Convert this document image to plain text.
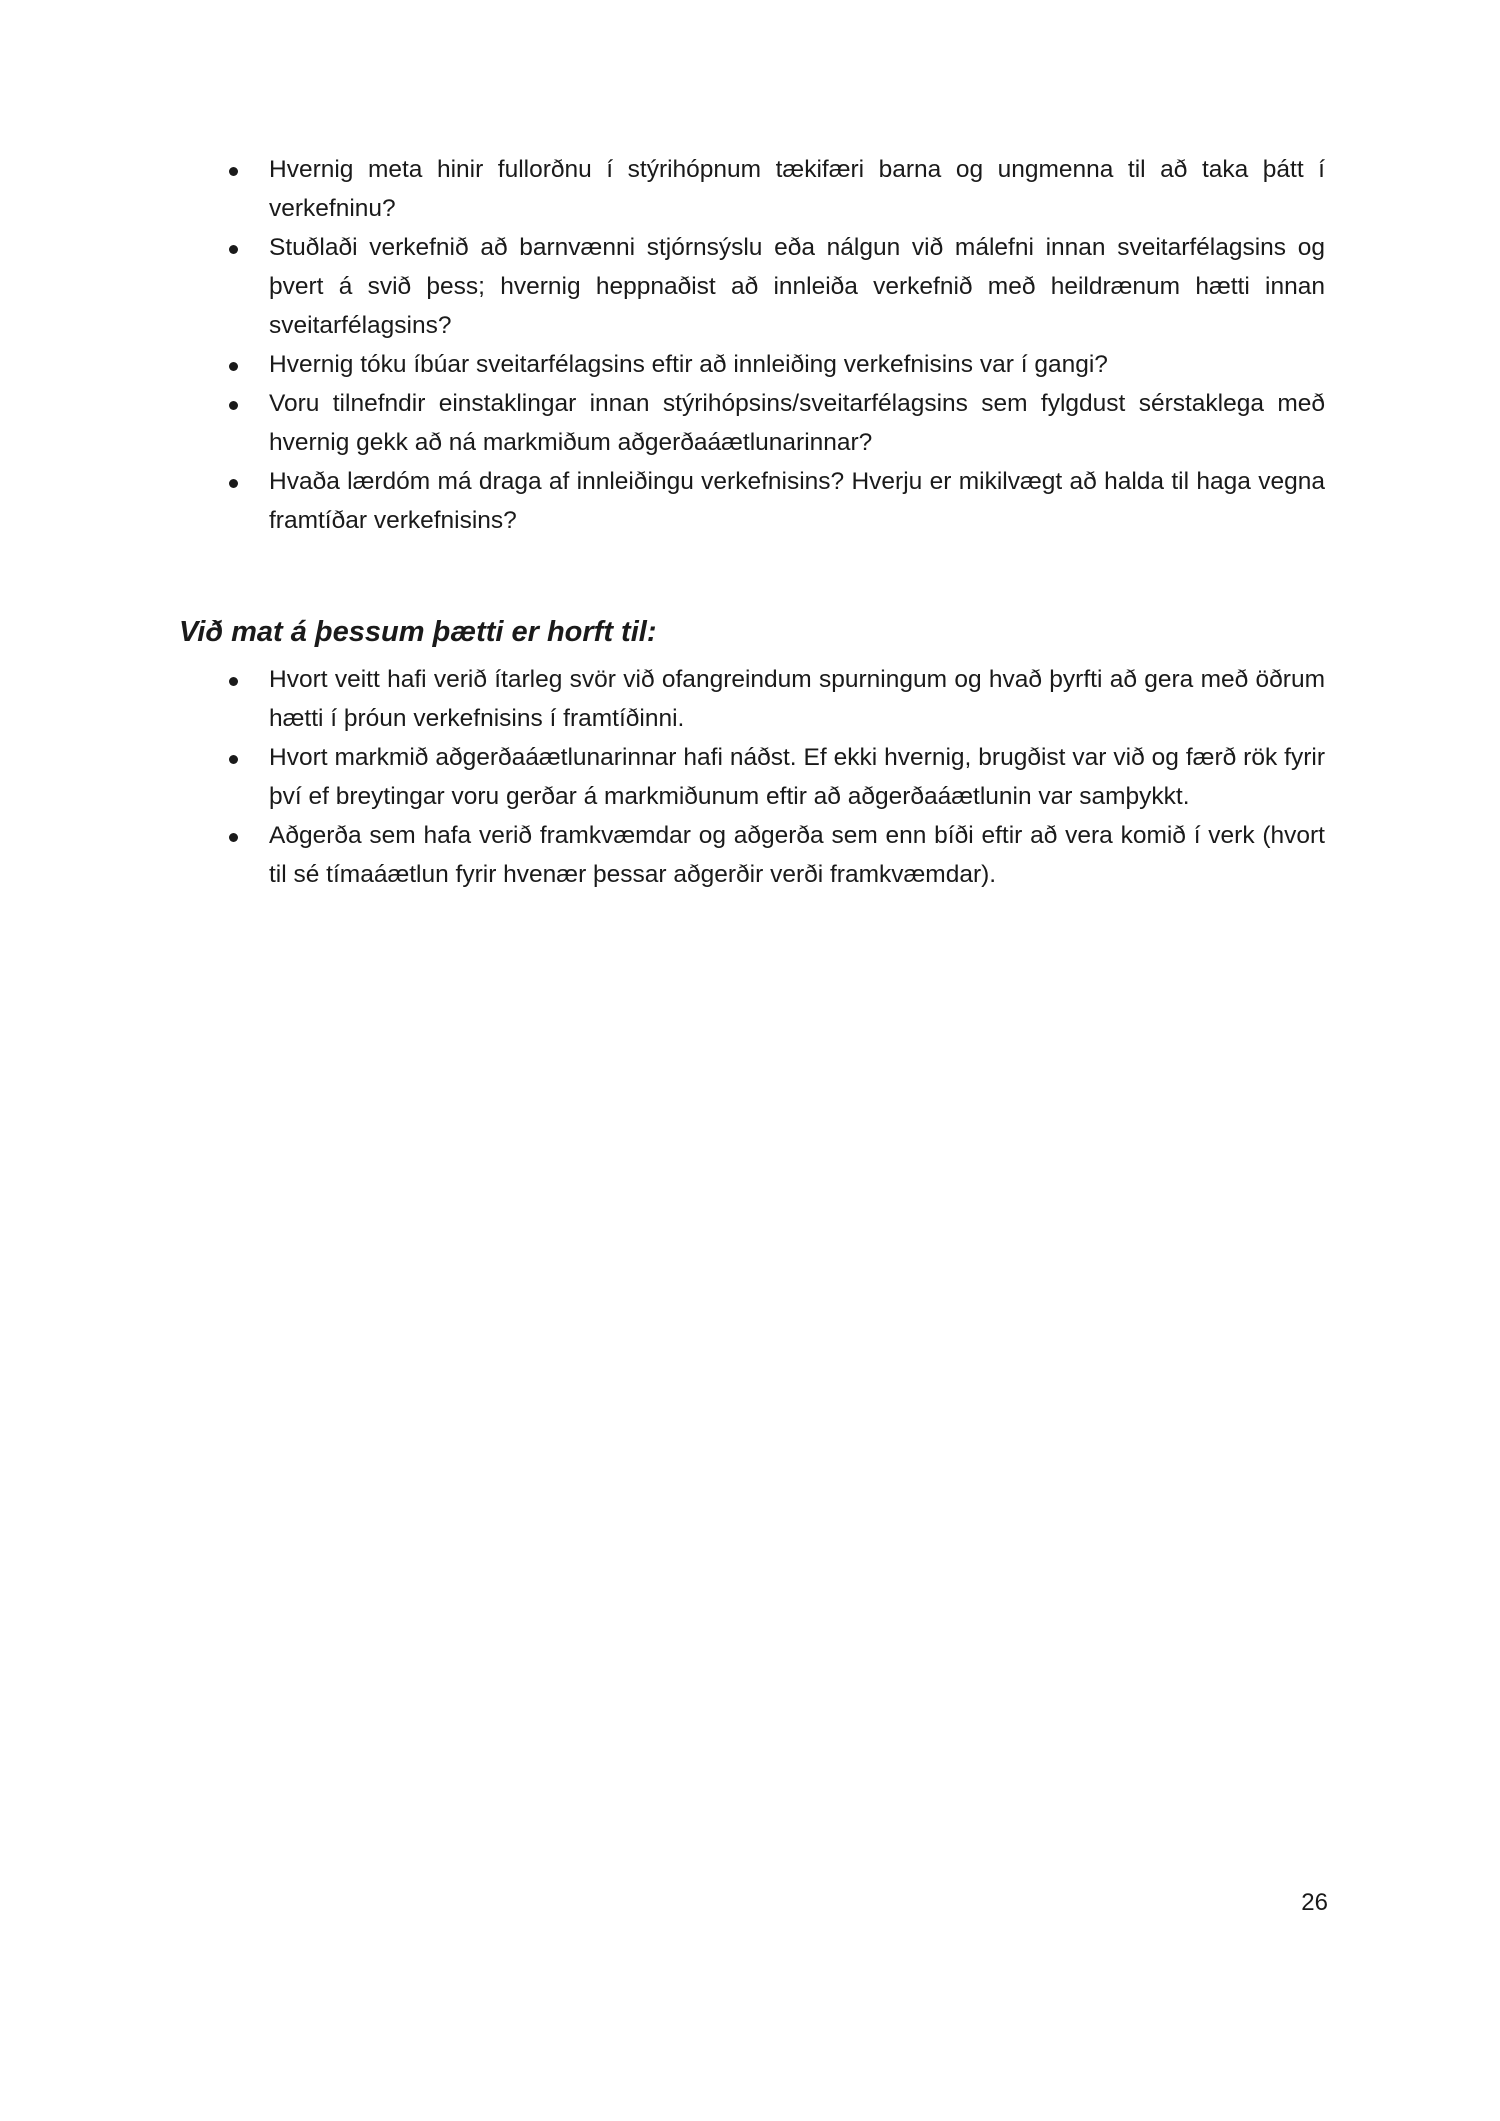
Hvernig meta hinir fullorðnu í stýrihópnum tækifæri barna og ungmenna til að taka þátt í verkefninu?
Stuðlaði verkefnið að barnvænni stjórnsýslu eða nálgun við málefni innan sveitarfélagsins og þvert á svið þess; hvernig heppnaðist að innleiða verkefnið með heildrænum hætti innan sveitarfélagsins?
Hvernig tóku íbúar sveitarfélagsins eftir að innleiðing verkefnisins var í gangi?
Voru tilnefndir einstaklingar innan stýrihópsins/sveitarfélagsins sem fylgdust sérstaklega með hvernig gekk að ná markmiðum aðgerðaáætlunarinnar?
Hvaða lærdóm má draga af innleiðingu verkefnisins? Hverju er mikilvægt að halda til haga vegna framtíðar verkefnisins?
Við mat á þessum þætti er horft til:
Hvort veitt hafi verið ítarleg svör við ofangreindum spurningum og hvað þyrfti að gera með öðrum hætti í þróun verkefnisins í framtíðinni.
Hvort markmið aðgerðaáætlunarinnar hafi náðst. Ef ekki hvernig, brugðist var við og færð rök fyrir því ef breytingar voru gerðar á markmiðunum eftir að aðgerðaáætlunin var samþykkt.
Aðgerða sem hafa verið framkvæmdar og aðgerða sem enn bíði eftir að vera komið í verk (hvort til sé tímaáætlun fyrir hvenær þessar aðgerðir verði framkvæmdar).
26
